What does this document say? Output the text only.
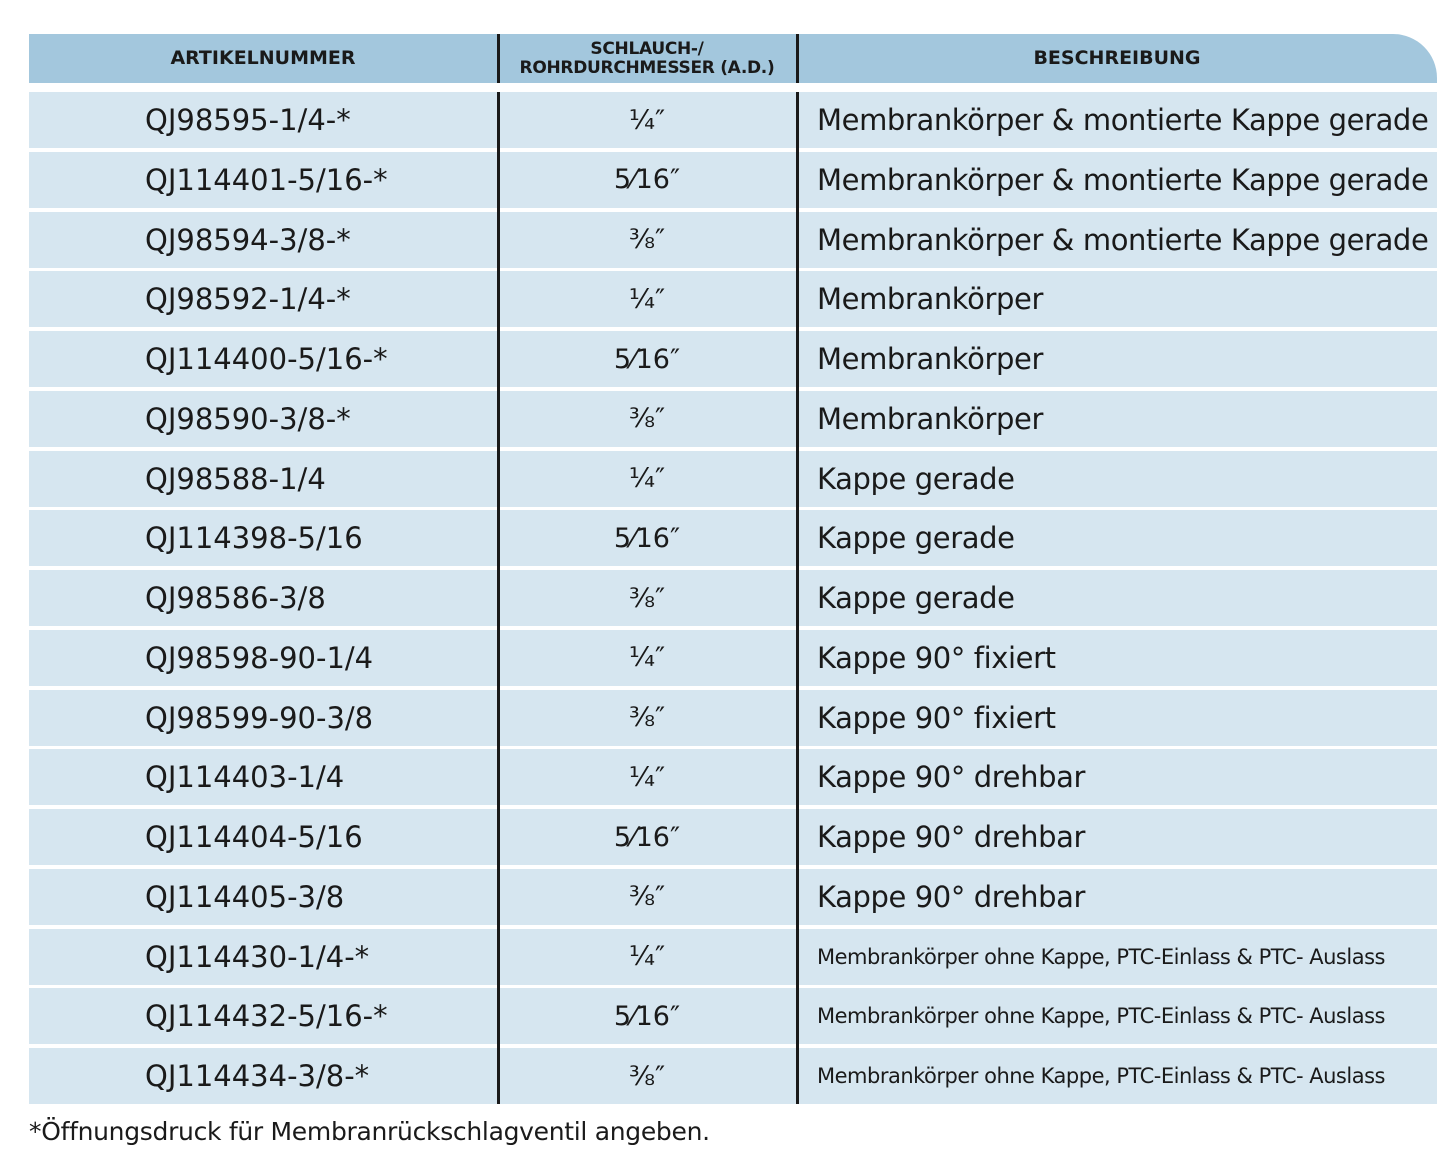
ARTIKELNUMMER	SCHLAUCH-/
ROHRDURCHMESSER (A.D.)	BESCHREIBUNG
QJ98595-1/4-*	¼″	Membrankörper & montierte Kappe gerade
QJ114401-5/16-*	5⁄16″	Membrankörper & montierte Kappe gerade
QJ98594-3/8-*	⅜″	Membrankörper & montierte Kappe gerade
QJ98592-1/4-*	¼″	Membrankörper
QJ114400-5/16-*	5⁄16″	Membrankörper
QJ98590-3/8-*	⅜″	Membrankörper
QJ98588-1/4	¼″	Kappe gerade
QJ114398-5/16	5⁄16″	Kappe gerade
QJ98586-3/8	⅜″	Kappe gerade
QJ98598-90-1/4	¼″	Kappe 90° fixiert
QJ98599-90-3/8	⅜″	Kappe 90° fixiert
QJ114403-1/4	¼″	Kappe 90° drehbar
QJ114404-5/16	5⁄16″	Kappe 90° drehbar
QJ114405-3/8	⅜″	Kappe 90° drehbar
QJ114430-1/4-*	¼″	Membrankörper ohne Kappe, PTC-Einlass & PTC- Auslass
QJ114432-5/16-*	5⁄16″	Membrankörper ohne Kappe, PTC-Einlass & PTC- Auslass
QJ114434-3/8-*	⅜″	Membrankörper ohne Kappe, PTC-Einlass & PTC- Auslass
*Öffnungsdruck für Membranrückschlagventil angeben.
